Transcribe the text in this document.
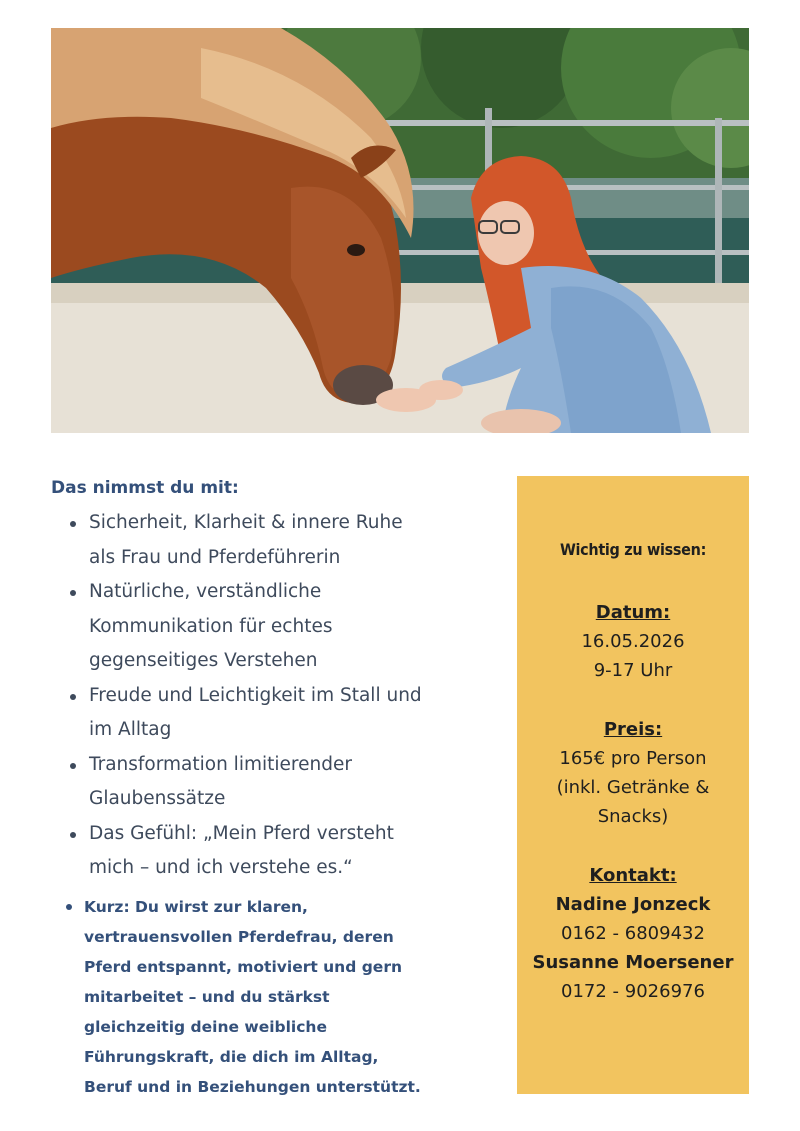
Das nimmst du mit:
Sicherheit, Klarheit & innere Ruhe
als Frau und Pferdeführerin
Natürliche, verständliche
Kommunikation für echtes
gegenseitiges Verstehen
Freude und Leichtigkeit im Stall und
im Alltag
Transformation limitierender
Glaubenssätze
Das Gefühl: „Mein Pferd versteht
mich – und ich verstehe es.“
Kurz: Du wirst zur klaren,
vertrauensvollen Pferdefrau, deren
Pferd entspannt, motiviert und gern
mitarbeitet – und du stärkst
gleichzeitig deine weibliche
Führungskraft, die dich im Alltag,
Beruf und in Beziehungen unterstützt.
Wichtig zu wissen:
Datum:
16.05.2026
9-17 Uhr
Preis:
165€ pro Person
(inkl. Getränke &
Snacks)
Kontakt:
Nadine Jonzeck
0162 - 6809432
Susanne Moersener
0172 - 9026976
